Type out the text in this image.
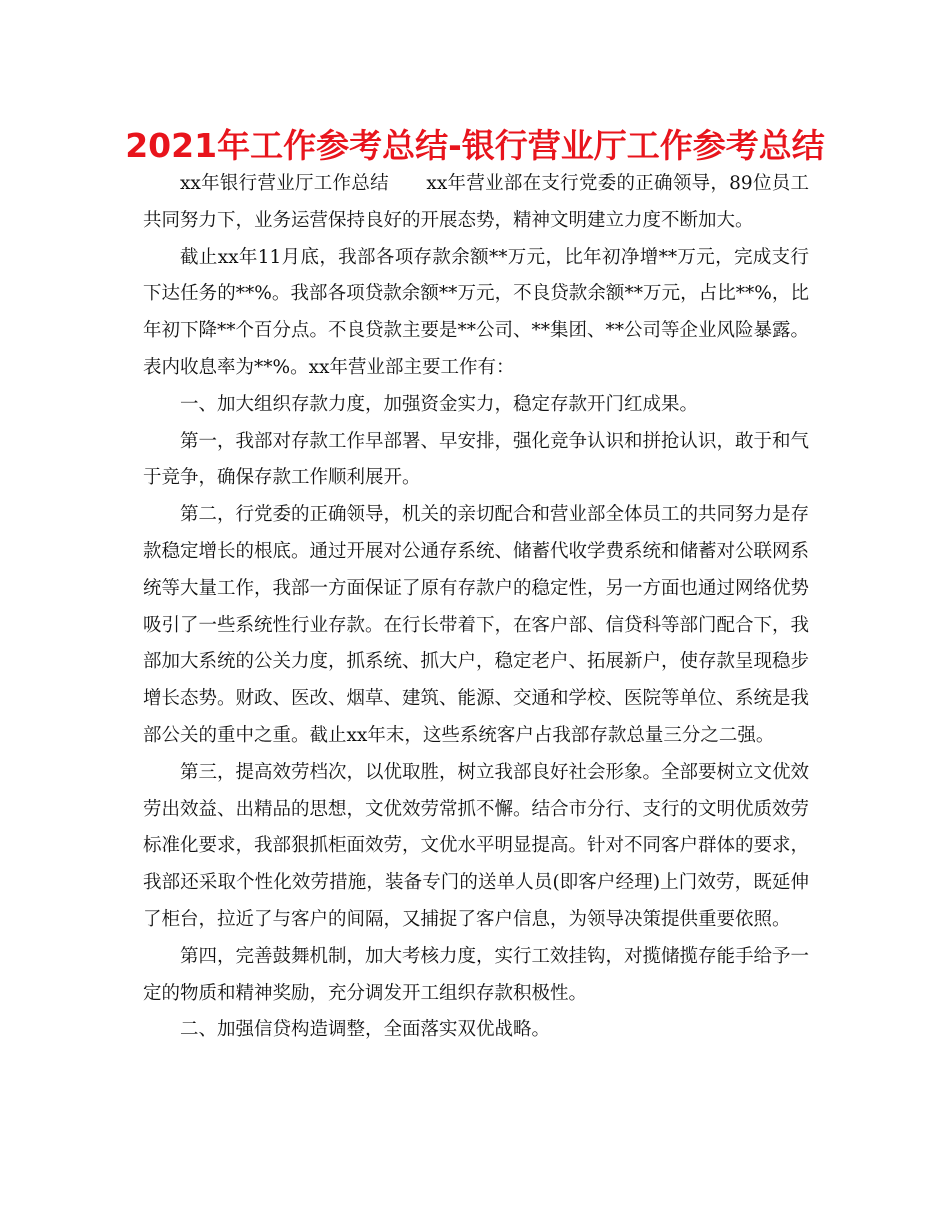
2021年工作参考总结-银行营业厅工作参考总结

xx年银行营业厅工作总结　　xx年营业部在支行党委的正确领导，89位员工共同努力下，业务运营保持良好的开展态势，精神文明建立力度不断加大。

截止xx年11月底，我部各项存款余额**万元，比年初净增**万元，完成支行下达任务的**%。我部各项贷款余额**万元，不良贷款余额**万元，占比**%，比年初下降**个百分点。不良贷款主要是**公司、**集团、**公司等企业风险暴露。表内收息率为**%。xx年营业部主要工作有：

一、加大组织存款力度，加强资金实力，稳定存款开门红成果。

第一，我部对存款工作早部署、早安排，强化竞争认识和拼抢认识，敢于和气于竞争，确保存款工作顺利展开。

第二，行党委的正确领导，机关的亲切配合和营业部全体员工的共同努力是存款稳定增长的根底。通过开展对公通存系统、储蓄代收学费系统和储蓄对公联网系统等大量工作，我部一方面保证了原有存款户的稳定性，另一方面也通过网络优势吸引了一些系统性行业存款。在行长带着下，在客户部、信贷科等部门配合下，我部加大系统的公关力度，抓系统、抓大户，稳定老户、拓展新户，使存款呈现稳步增长态势。财政、医改、烟草、建筑、能源、交通和学校、医院等单位、系统是我部公关的重中之重。截止xx年末，这些系统客户占我部存款总量三分之二强。

第三，提高效劳档次，以优取胜，树立我部良好社会形象。全部要树立文优效劳出效益、出精品的思想，文优效劳常抓不懈。结合市分行、支行的文明优质效劳标准化要求，我部狠抓柜面效劳，文优水平明显提高。针对不同客户群体的要求，我部还采取个性化效劳措施，装备专门的送单人员(即客户经理)上门效劳，既延伸了柜台，拉近了与客户的间隔，又捕捉了客户信息，为领导决策提供重要依照。

第四，完善鼓舞机制，加大考核力度，实行工效挂钩，对揽储揽存能手给予一定的物质和精神奖励，充分调发开工组织存款积极性。

二、加强信贷构造调整，全面落实双优战略。
